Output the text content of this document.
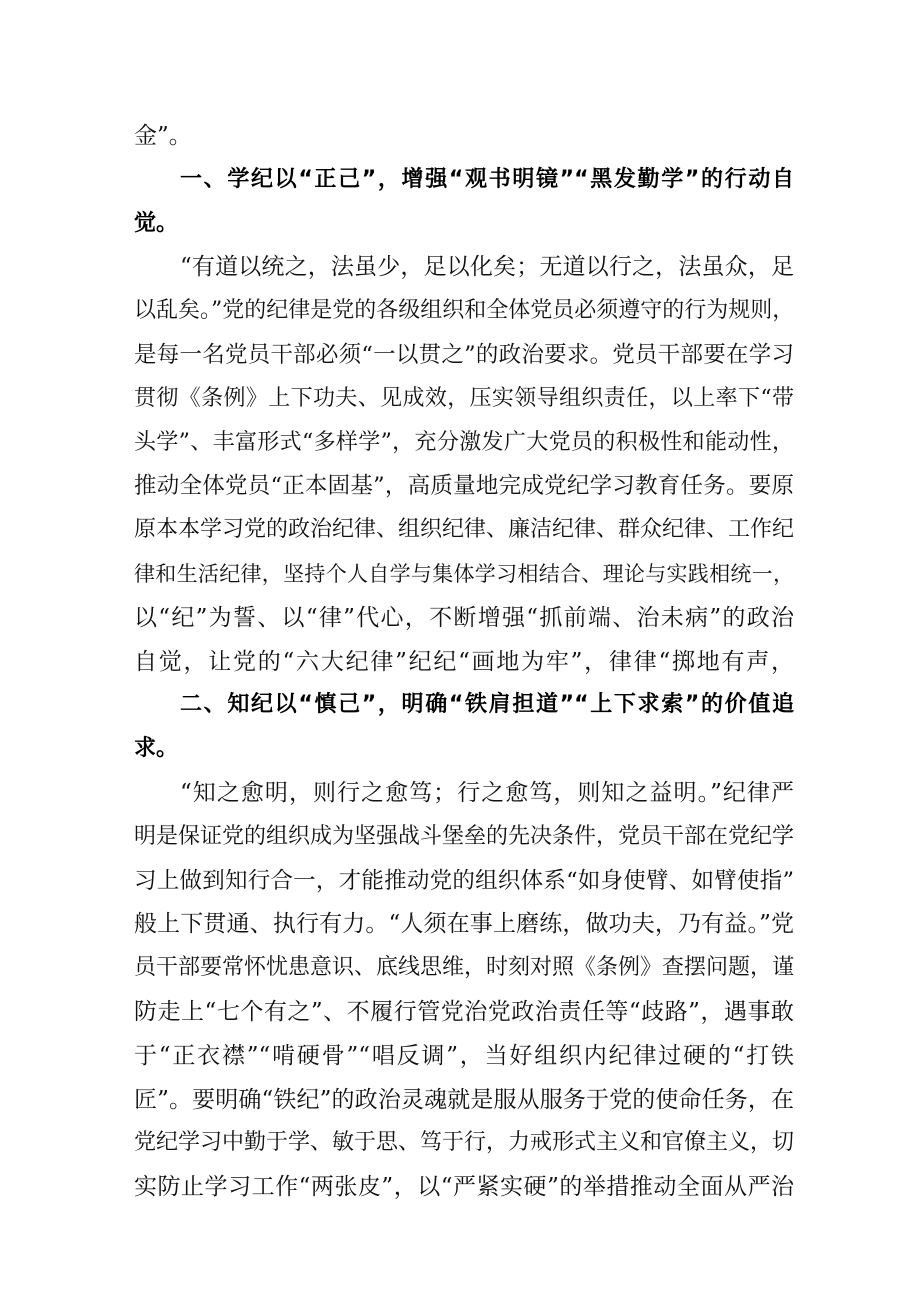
金”。

一、学纪以“正己”，增强“观书明镜”“黑发勤学”的行动自

觉。

“有道以统之，法虽少，足以化矣；无道以行之，法虽众，足

以乱矣。”党的纪律是党的各级组织和全体党员必须遵守的行为规则，

是每一名党员干部必须“一以贯之”的政治要求。党员干部要在学习

贯彻《条例》上下功夫、见成效，压实领导组织责任，以上率下“带

头学”、丰富形式“多样学”，充分激发广大党员的积极性和能动性，

推动全体党员“正本固基”，高质量地完成党纪学习教育任务。要原

原本本学习党的政治纪律、组织纪律、廉洁纪律、群众纪律、工作纪

律和生活纪律，坚持个人自学与集体学习相结合、理论与实践相统一，

以“纪”为誓、以“律”代心，不断增强“抓前端、治未病”的政治

自觉，让党的“六大纪律”纪纪“画地为牢”，律律“掷地有声，

二、知纪以“慎己”，明确“铁肩担道”“上下求索”的价值追

求。

“知之愈明，则行之愈笃；行之愈笃，则知之益明。”纪律严

明是保证党的组织成为坚强战斗堡垒的先决条件，党员干部在党纪学

习上做到知行合一，才能推动党的组织体系“如身使臂、如臂使指”

般上下贯通、执行有力。“人须在事上磨练，做功夫，乃有益。”党

员干部要常怀忧患意识、底线思维，时刻对照《条例》查摆问题，谨

防走上“七个有之”、不履行管党治党政治责任等“歧路”，遇事敢

于“正衣襟”“啃硬骨”“唱反调”，当好组织内纪律过硬的“打铁

匠”。要明确“铁纪”的政治灵魂就是服从服务于党的使命任务，在

党纪学习中勤于学、敏于思、笃于行，力戒形式主义和官僚主义，切

实防止学习工作“两张皮”，以“严紧实硬”的举措推动全面从严治
